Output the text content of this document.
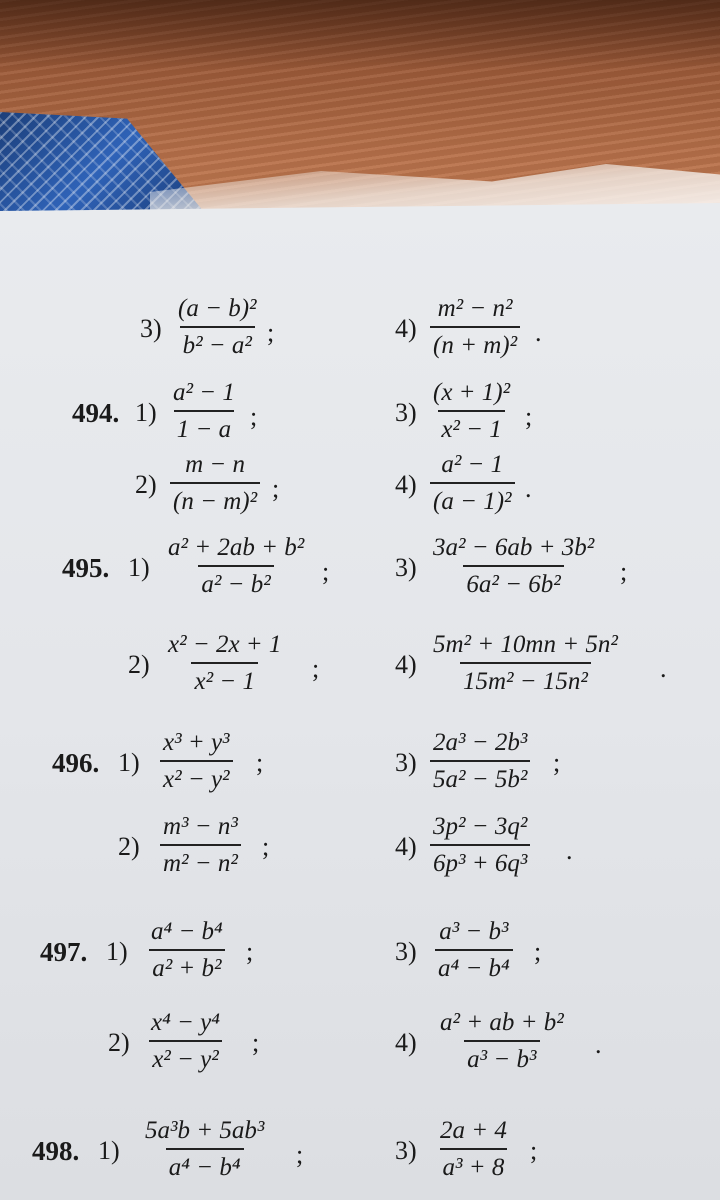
$3) \frac{\text{(a − b)²}}{\text{b² − a²}}$ ;	$4) \frac{\text{m² − n²}}{\text{(n + m)²}}$ .
494. $1) \frac{\text{a² − 1}}{1 - a}$ ;	$3) \frac{\text{(x + 1)²}}{\text{x² − 1}}$ ;
$2) \frac{m - n}{\text{(n − m)²}}$ ;	$4) \frac{\text{a² − 1}}{\text{(a − 1)²}}$ .
495. $1) \frac{\text{a² + 2ab + b²}}{\text{a² − b²}}$ ;	$3) \frac{\text{3a² − 6ab + 3b²}}{\text{6a² − 6b²}}$ ;
$2) \frac{\text{x² − 2x + 1}}{\text{x² − 1}}$ ;	$4) \frac{\text{5m² + 10mn + 5n²}}{\text{15m² − 15n²}}$ .
496. $1) \frac{\text{x³ + y³}}{\text{x² − y²}}$ ;	$3) \frac{\text{2a³ − 2b³}}{\text{5a² − 5b²}}$ ;
$2) \frac{\text{m³ − n³}}{\text{m² − n²}}$ ;	$4) \frac{\text{3p² − 3q²}}{\text{6p³ + 6q³}}$ .
497. $1) \frac{\text{a⁴ − b⁴}}{\text{a² + b²}}$ ;	$3) \frac{\text{a³ − b³}}{\text{a⁴ − b⁴}}$ ;
$2) \frac{\text{x⁴ − y⁴}}{\text{x² − y²}}$ ;	$4) \frac{\text{a² + ab + b²}}{\text{a³ − b³}}$ .
498. $1) \frac{\text{5a³b + 5ab³}}{\text{a⁴ − b⁴}}$ ;	$3) \frac{2a + 4}{\text{a³ + 8}}$ ;
